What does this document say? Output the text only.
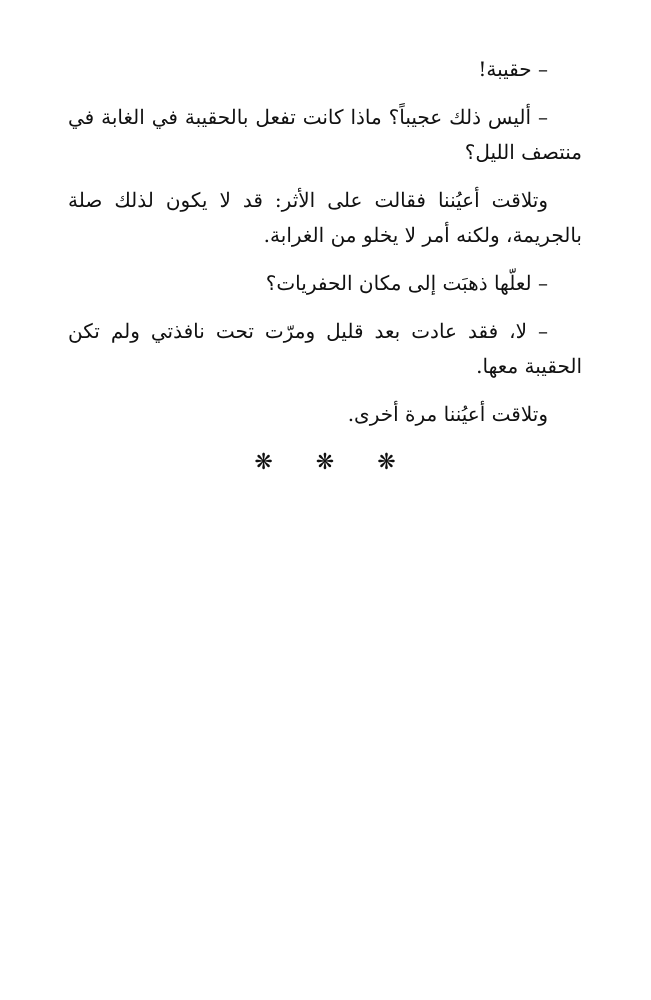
– حقيبة!

– أليس ذلك عجيباً؟ ماذا كانت تفعل بالحقيبة في الغابة في منتصف الليل؟

وتلاقت أعيُننا فقالت على الأثر: قد لا يكون لذلك صلة بالجريمة، ولكنه أمر لا يخلو من الغرابة.

– لعلّها ذهبَت إلى مكان الحفريات؟

– لا، فقد عادت بعد قليل ومرّت تحت نافذتي ولم تكن الحقيبة معها.

وتلاقت أعيُننا مرة أخرى.

❋ ❋ ❋
